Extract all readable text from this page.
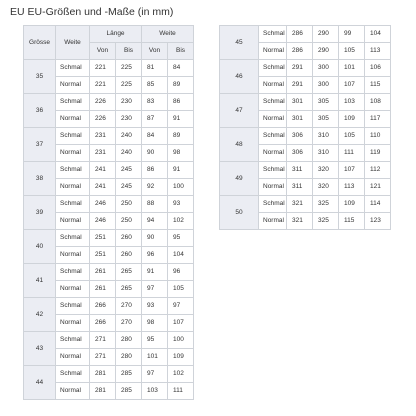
EU EU-Größen und -Maße (in mm)
Grösse	Weite	Länge		Weite	
		Von	Bis	Von	Bis
35	Schmal	221	225	81	84
	Normal	221	225	85	89
36	Schmal	226	230	83	86
	Normal	226	230	87	91
37	Schmal	231	240	84	89
	Normal	231	240	90	98
38	Schmal	241	245	86	91
	Normal	241	245	92	100
39	Schmal	246	250	88	93
	Normal	246	250	94	102
40	Schmal	251	260	90	95
	Normal	251	260	96	104
41	Schmal	261	265	91	96
	Normal	261	265	97	105
42	Schmal	266	270	93	97
	Normal	266	270	98	107
43	Schmal	271	280	95	100
	Normal	271	280	101	109
44	Schmal	281	285	97	102
	Normal	281	285	103	111
45	Schmal	286	290	99	104
	Normal	286	290	105	113
46	Schmal	291	300	101	106
	Normal	291	300	107	115
47	Schmal	301	305	103	108
	Normal	301	305	109	117
48	Schmal	306	310	105	110
	Normal	306	310	111	119
49	Schmal	311	320	107	112
	Normal	311	320	113	121
50	Schmal	321	325	109	114
	Normal	321	325	115	123
